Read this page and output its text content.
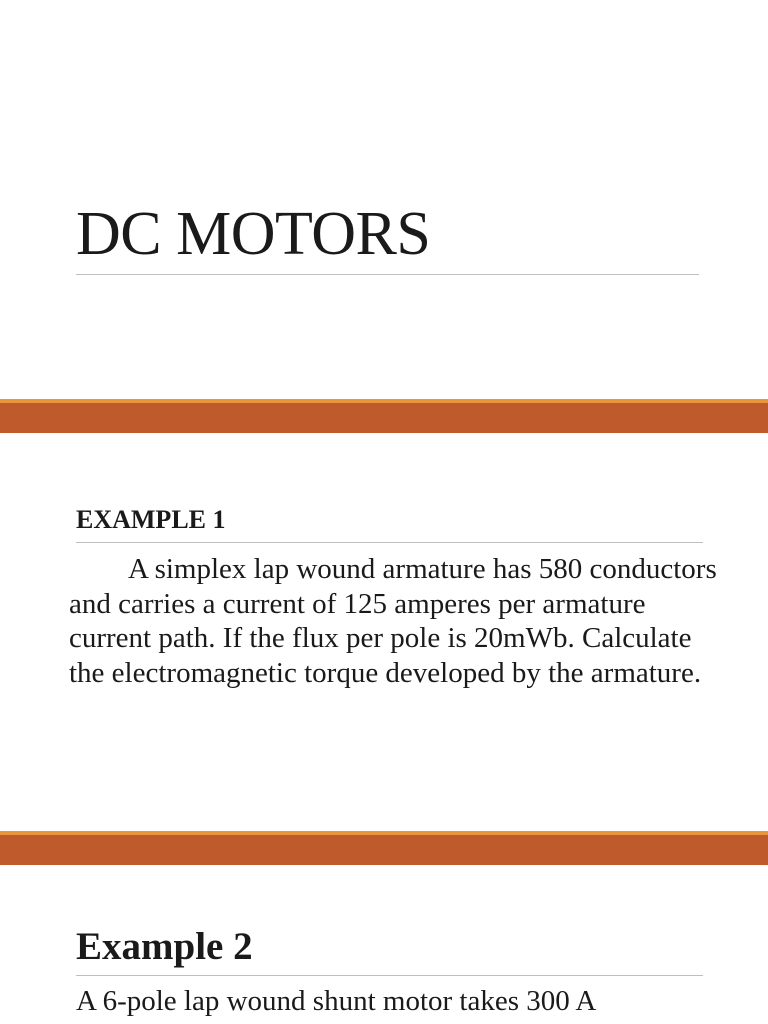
DC MOTORS
EXAMPLE 1

A simplex lap wound armature has 580 conductors and carries a current of 125 amperes per armature current path. If the flux per pole is 20mWb. Calculate the electromagnetic torque developed by the armature.

Example 2

A 6-pole lap wound shunt motor takes 300 A
